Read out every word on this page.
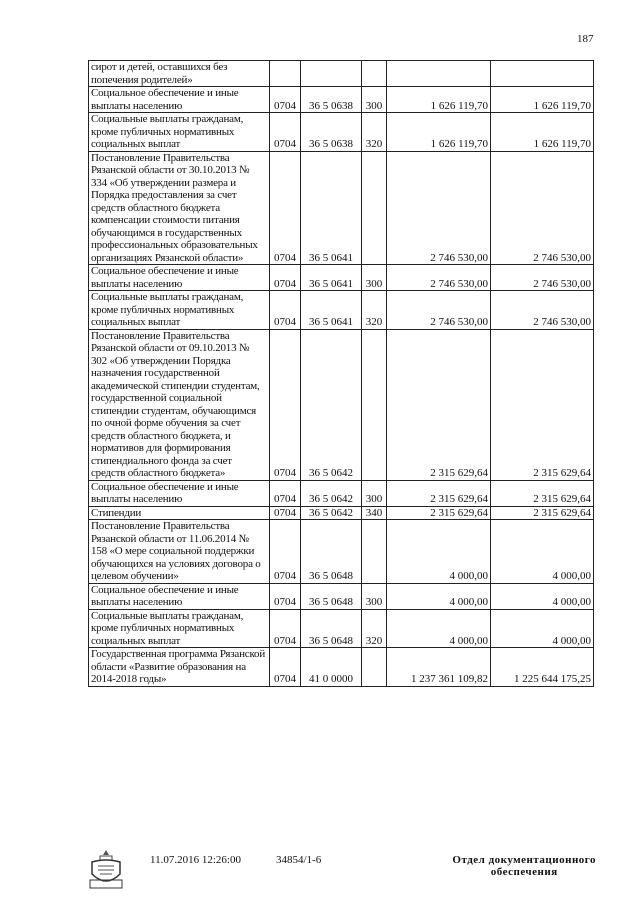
187
сирот и детей, оставшихся без попечения родителей»					
Социальное обеспечение и иные выплаты населению	0704	36 5 0638	300	1 626 119,70	1 626 119,70
Социальные выплаты гражданам, кроме публичных нормативных социальных выплат	0704	36 5 0638	320	1 626 119,70	1 626 119,70
Постановление Правительства Рязанской области от 30.10.2013 № 334 «Об утверждении размера и Порядка предоставления за счет средств областного бюджета компенсации стоимости питания обучающимся в государственных профессиональных образовательных организациях Рязанской области»	0704	36 5 0641		2 746 530,00	2 746 530,00
Социальное обеспечение и иные выплаты населению	0704	36 5 0641	300	2 746 530,00	2 746 530,00
Социальные выплаты гражданам, кроме публичных нормативных социальных выплат	0704	36 5 0641	320	2 746 530,00	2 746 530,00
Постановление Правительства Рязанской области от 09.10.2013 № 302 «Об утверждении Порядка назначения государственной академической стипендии студентам, государственной социальной стипендии студентам, обучающимся по очной форме обучения за счет средств областного бюджета, и нормативов для формирования стипендиального фонда за счет средств областного бюджета»	0704	36 5 0642		2 315 629,64	2 315 629,64
Социальное обеспечение и иные выплаты населению	0704	36 5 0642	300	2 315 629,64	2 315 629,64
Стипендии	0704	36 5 0642	340	2 315 629,64	2 315 629,64
Постановление Правительства Рязанской области от 11.06.2014 № 158 «О мере социальной поддержки обучающихся на условиях договора о целевом обучении»	0704	36 5 0648		4 000,00	4 000,00
Социальное обеспечение и иные выплаты населению	0704	36 5 0648	300	4 000,00	4 000,00
Социальные выплаты гражданам, кроме публичных нормативных социальных выплат	0704	36 5 0648	320	4 000,00	4 000,00
Государственная программа Рязанской области «Развитие образования на 2014-2018 годы»	0704	41 0 0000		1 237 361 109,82	1 225 644 175,25
11.07.2016 12:26:00	34854/1-6	Отдел документационного
обеспечения
